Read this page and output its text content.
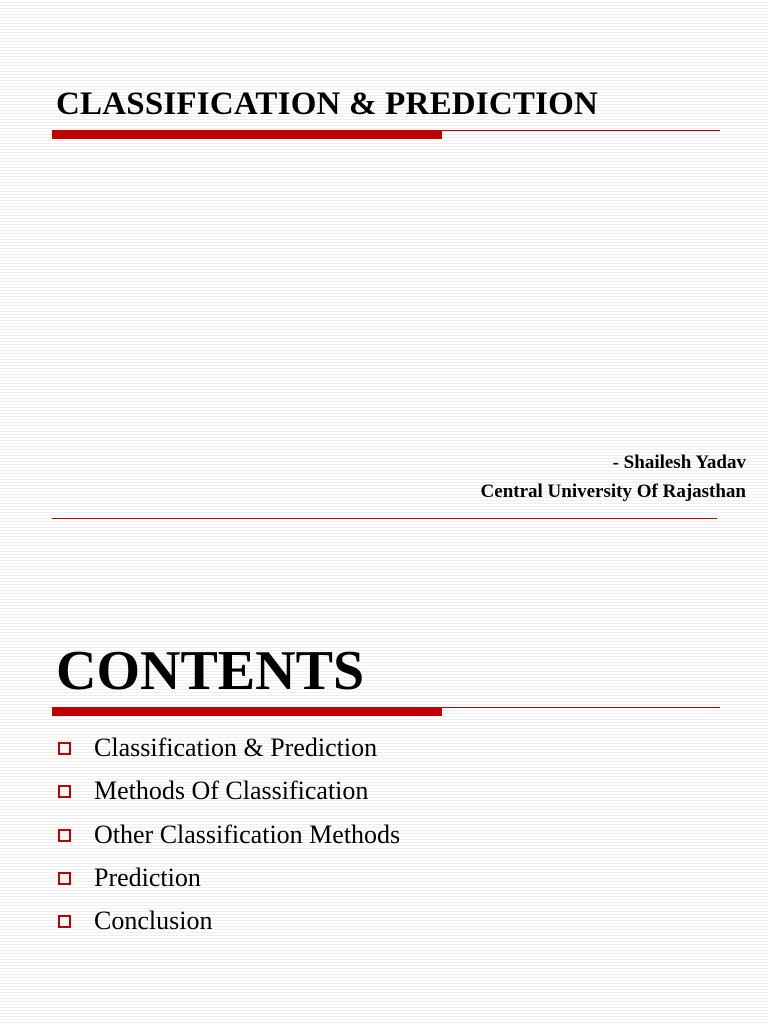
CLASSIFICATION & PREDICTION
- Shailesh Yadav
Central University Of Rajasthan
CONTENTS
Classification & Prediction
Methods Of Classification
Other Classification Methods
Prediction
Conclusion
